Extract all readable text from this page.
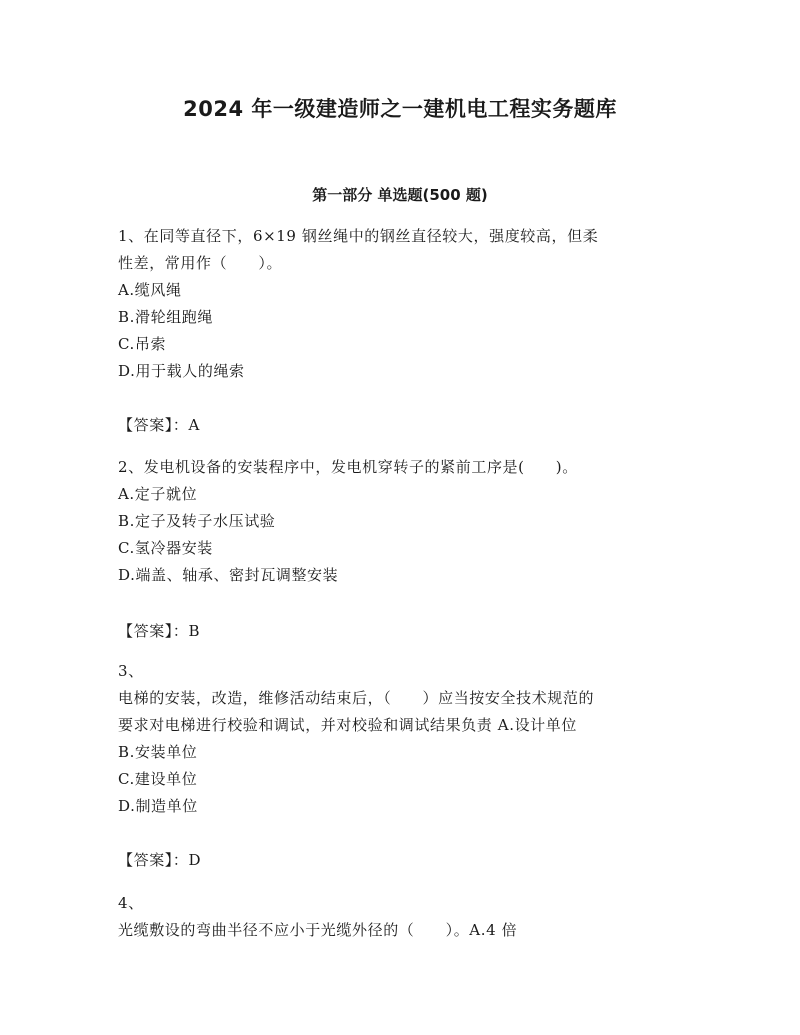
2024 年一级建造师之一建机电工程实务题库
第一部分 单选题(500 题)
1、在同等直径下，6×19 钢丝绳中的钢丝直径较大，强度较高，但柔
性差，常用作（　　）。
A.缆风绳
B.滑轮组跑绳
C.吊索
D.用于载人的绳索
【答案】：A
2、发电机设备的安装程序中，发电机穿转子的紧前工序是(　　)。
A.定子就位
B.定子及转子水压试验
C.氢冷器安装
D.端盖、轴承、密封瓦调整安装
【答案】：B
3、
电梯的安装，改造，维修活动结束后，（　　）应当按安全技术规范的
要求对电梯进行校验和调试，并对校验和调试结果负责 A.设计单位
B.安装单位
C.建设单位
D.制造单位
【答案】：D
4、
光缆敷设的弯曲半径不应小于光缆外径的（　　）。A.4 倍
